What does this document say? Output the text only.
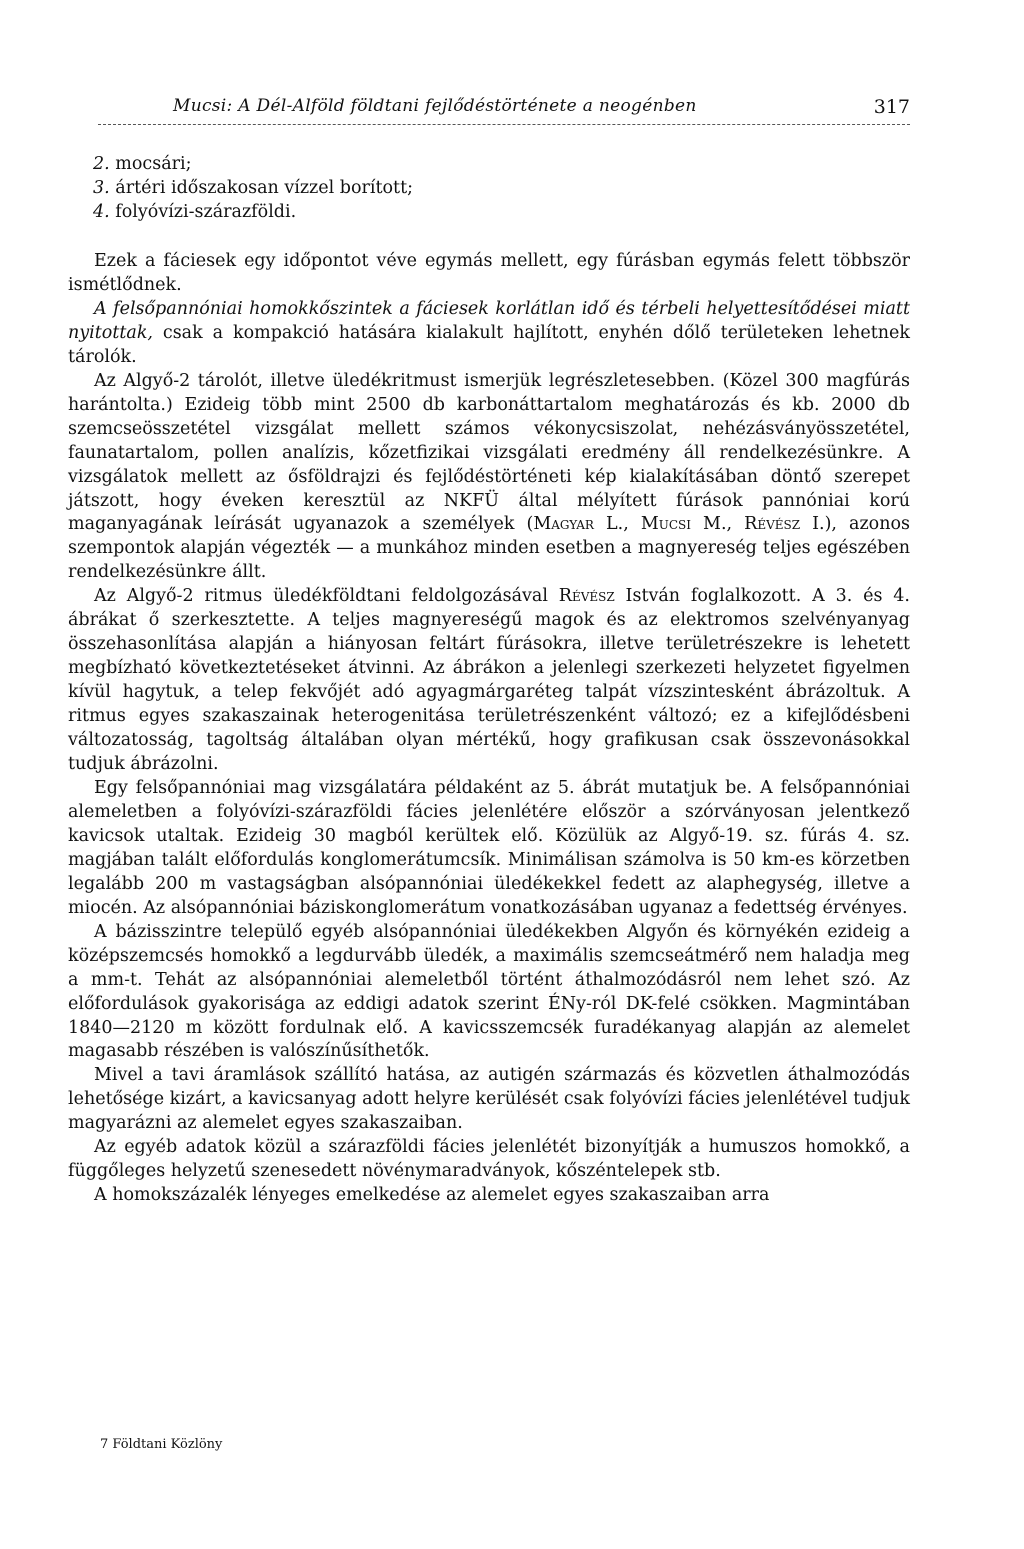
Mucsi: A Dél-Alföld földtani fejlődéstörténete a neogénben	317
2. mocsári;
3. ártéri időszakosan vízzel borított;
4. folyóvízi-szárazföldi.

Ezek a fáciesek egy időpontot véve egymás mellett, egy fúrásban egymás felett többször ismétlődnek.

A felsőpannóniai homokkőszintek a fáciesek korlátlan idő és térbeli helyettesítődései miatt nyitottak, csak a kompakció hatására kialakult hajlított, enyhén dőlő területeken lehetnek tárolók.

Az Algyő-2 tárolót, illetve üledékritmust ismerjük legrészletesebben. (Közel 300 magfúrás harántolta.) Ezideig több mint 2500 db karbonáttartalom meghatározás és kb. 2000 db szemcseösszetétel vizsgálat mellett számos vékonycsiszolat, nehézásványösszetétel, faunatartalom, pollen analízis, kőzetfizikai vizsgálati eredmény áll rendelkezésünkre. A vizsgálatok mellett az ősföldrajzi és fejlődéstörténeti kép kialakításában döntő szerepet játszott, hogy éveken keresztül az NKFÜ által mélyített fúrások pannóniai korú maganyagának leírását ugyanazok a személyek (Magyar L., Mucsi M., Révész I.), azonos szempontok alapján végezték — a munkához minden esetben a magnyereség teljes egészében rendelkezésünkre állt.

Az Algyő-2 ritmus üledékföldtani feldolgozásával Révész István foglalkozott. A 3. és 4. ábrákat ő szerkesztette. A teljes magnyereségű magok és az elektromos szelvényanyag összehasonlítása alapján a hiányosan feltárt fúrásokra, illetve területrészekre is lehetett megbízható következtetéseket átvinni. Az ábrákon a jelenlegi szerkezeti helyzetet figyelmen kívül hagytuk, a telep fekvőjét adó agyagmárgaréteg talpát vízszintesként ábrázoltuk. A ritmus egyes szakaszainak heterogenitása területrészenként változó; ez a kifejlődésbeni változatosság, tagoltság általában olyan mértékű, hogy grafikusan csak összevonásokkal tudjuk ábrázolni.

Egy felsőpannóniai mag vizsgálatára példaként az 5. ábrát mutatjuk be. A felsőpannóniai alemeletben a folyóvízi-szárazföldi fácies jelenlétére először a szórványosan jelentkező kavicsok utaltak. Ezideig 30 magból kerültek elő. Közülük az Algyő-19. sz. fúrás 4. sz. magjában talált előfordulás konglomerátumcsík. Minimálisan számolva is 50 km-es körzetben legalább 200 m vastagságban alsópannóniai üledékekkel fedett az alaphegység, illetve a miocén. Az alsópannóniai báziskonglomerátum vonatkozásában ugyanaz a fedettség érvényes.

A bázisszintre települő egyéb alsópannóniai üledékekben Algyőn és környékén ezideig a középszemcsés homokkő a legdurvább üledék, a maximális szemcseátmérő nem haladja meg a mm-t. Tehát az alsópannóniai alemeletből történt áthalmozódásról nem lehet szó. Az előfordulások gyakorisága az eddigi adatok szerint ÉNy-ról DK-felé csökken. Magmintában 1840—2120 m között fordulnak elő. A kavicsszemcsék furadékanyag alapján az alemelet magasabb részében is valószínűsíthetők.

Mivel a tavi áramlások szállító hatása, az autigén származás és közvetlen áthalmozódás lehetősége kizárt, a kavicsanyag adott helyre kerülését csak folyóvízi fácies jelenlétével tudjuk magyarázni az alemelet egyes szakaszaiban.

Az egyéb adatok közül a szárazföldi fácies jelenlétét bizonyítják a humuszos homokkő, a függőleges helyzetű szenesedett növénymaradványok, kőszéntelepek stb.

A homokszázalék lényeges emelkedése az alemelet egyes szakaszaiban arra

7 Földtani Közlöny
